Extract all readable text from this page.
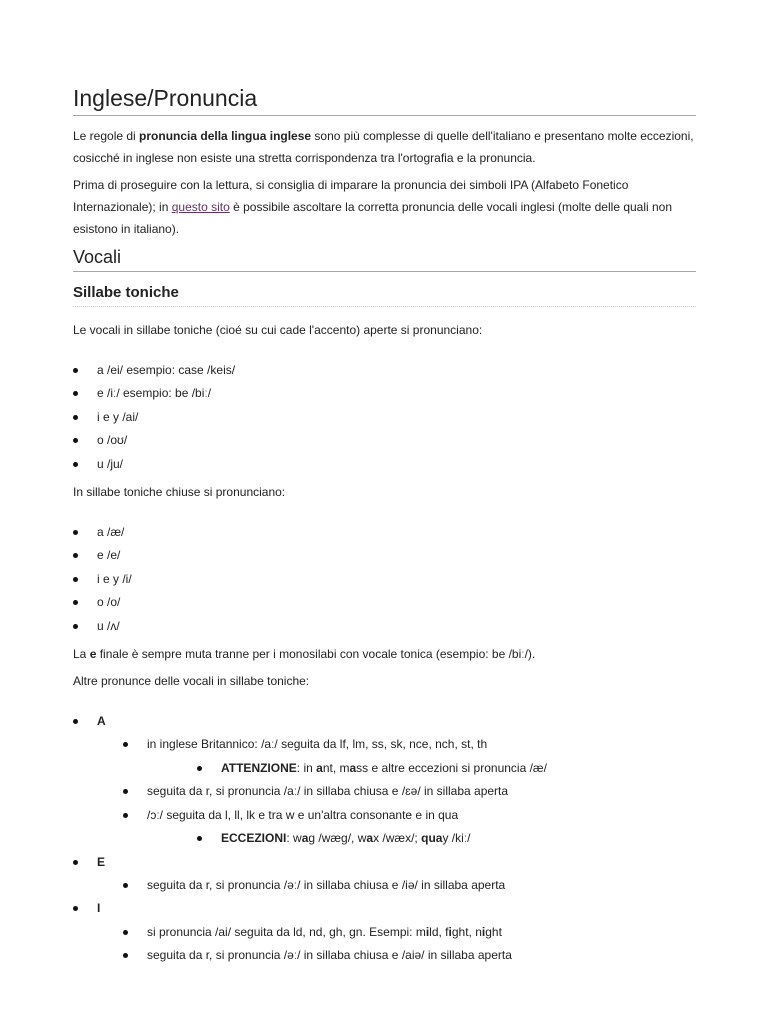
Inglese/Pronuncia

Le regole di pronuncia della lingua inglese sono più complesse di quelle dell'italiano e presentano molte eccezioni, cosicché in inglese non esiste una stretta corrispondenza tra l'ortografia e la pronuncia.

Prima di proseguire con la lettura, si consiglia di imparare la pronuncia dei simboli IPA (Alfabeto Fonetico Internazionale); in questo sito è possibile ascoltare la corretta pronuncia delle vocali inglesi (molte delle quali non esistono in italiano).

Vocali
Sillabe toniche

Le vocali in sillabe toniche (cioé su cui cade l'accento) aperte si pronunciano:

a /ei/ esempio: case /keis/
e /iː/ esempio: be /biː/
i e y /ai/
o /oʊ/
u /ju/

In sillabe toniche chiuse si pronunciano:

a /æ/
e /e/
i e y /i/
o /o/
u /ʌ/

La e finale è sempre muta tranne per i monosilabi con vocale tonica (esempio: be /biː/).

Altre pronunce delle vocali in sillabe toniche:

A
in inglese Britannico: /aː/ seguita da lf, lm, ss, sk, nce, nch, st, th
ATTENZIONE: in ant, mass e altre eccezioni si pronuncia /æ/
seguita da r, si pronuncia /aː/ in sillaba chiusa e /ɛə/ in sillaba aperta
/ɔː/ seguita da l, ll, lk e tra w e un'altra consonante e in qua
ECCEZIONI: wag /wæg/, wax /wæx/; quay /kiː/
E
seguita da r, si pronuncia /əː/ in sillaba chiusa e /iə/ in sillaba aperta
I
si pronuncia /ai/ seguita da ld, nd, gh, gn. Esempi: mild, fight, night
seguita da r, si pronuncia /əː/ in sillaba chiusa e /aiə/ in sillaba aperta
